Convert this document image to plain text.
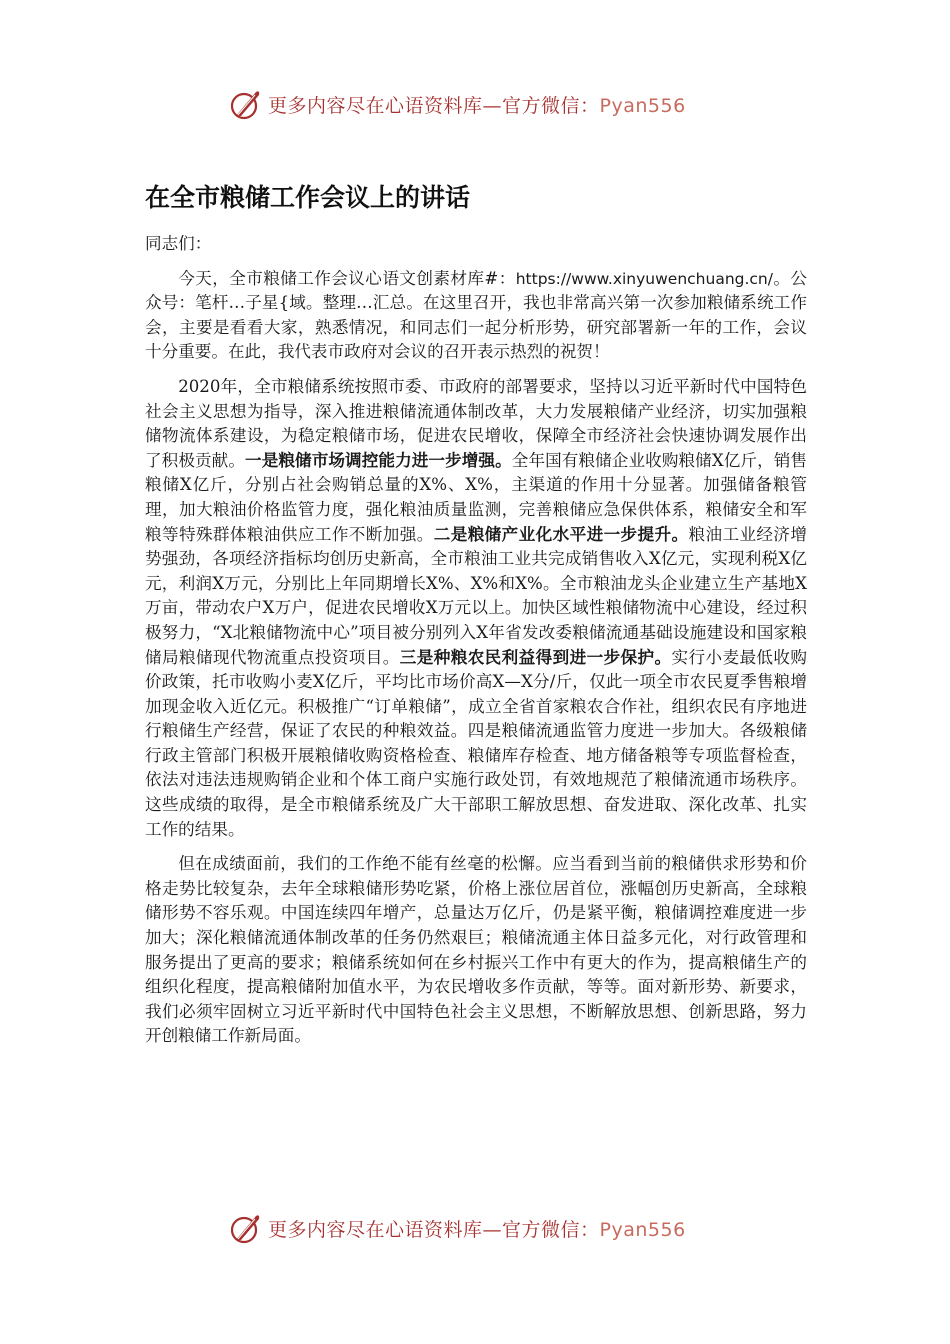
更多内容尽在心语资料库—官方微信：Pyan556
在全市粮储工作会议上的讲话
同志们：

今天，全市粮储工作会议心语文创素材库#：https://www.xinyuwenchuang.cn/。公众号：笔杆…子星{域。整理…汇总。在这里召开，我也非常高兴第一次参加粮储系统工作会，主要是看看大家，熟悉情况，和同志们一起分析形势，研究部署新一年的工作，会议十分重要。在此，我代表市政府对会议的召开表示热烈的祝贺！

2020年，全市粮储系统按照市委、市政府的部署要求，坚持以习近平新时代中国特色社会主义思想为指导，深入推进粮储流通体制改革，大力发展粮储产业经济，切实加强粮储物流体系建设，为稳定粮储市场，促进农民增收，保障全市经济社会快速协调发展作出了积极贡献。一是粮储市场调控能力进一步增强。全年国有粮储企业收购粮储X亿斤，销售粮储X亿斤，分别占社会购销总量的X%、X%，主渠道的作用十分显著。加强储备粮管理，加大粮油价格监管力度，强化粮油质量监测，完善粮储应急保供体系，粮储安全和军粮等特殊群体粮油供应工作不断加强。二是粮储产业化水平进一步提升。粮油工业经济增势强劲，各项经济指标均创历史新高，全市粮油工业共完成销售收入X亿元，实现利税X亿元，利润X万元，分别比上年同期增长X%、X%和X%。全市粮油龙头企业建立生产基地X万亩，带动农户X万户，促进农民增收X万元以上。加快区域性粮储物流中心建设，经过积极努力，“X北粮储物流中心”项目被分别列入X年省发改委粮储流通基础设施建设和国家粮储局粮储现代物流重点投资项目。三是种粮农民利益得到进一步保护。实行小麦最低收购价政策，托市收购小麦X亿斤，平均比市场价高X—X分/斤，仅此一项全市农民夏季售粮增加现金收入近亿元。积极推广“订单粮储”，成立全省首家粮农合作社，组织农民有序地进行粮储生产经营，保证了农民的种粮效益。四是粮储流通监管力度进一步加大。各级粮储行政主管部门积极开展粮储收购资格检查、粮储库存检查、地方储备粮等专项监督检查，依法对违法违规购销企业和个体工商户实施行政处罚，有效地规范了粮储流通市场秩序。这些成绩的取得，是全市粮储系统及广大干部职工解放思想、奋发进取、深化改革、扎实工作的结果。

但在成绩面前，我们的工作绝不能有丝毫的松懈。应当看到当前的粮储供求形势和价格走势比较复杂，去年全球粮储形势吃紧，价格上涨位居首位，涨幅创历史新高，全球粮储形势不容乐观。中国连续四年增产，总量达万亿斤，仍是紧平衡，粮储调控难度进一步加大；深化粮储流通体制改革的任务仍然艰巨；粮储流通主体日益多元化，对行政管理和服务提出了更高的要求；粮储系统如何在乡村振兴工作中有更大的作为，提高粮储生产的组织化程度，提高粮储附加值水平，为农民增收多作贡献，等等。面对新形势、新要求，我们必须牢固树立习近平新时代中国特色社会主义思想，不断解放思想、创新思路，努力开创粮储工作新局面。

更多内容尽在心语资料库—官方微信：Pyan556
